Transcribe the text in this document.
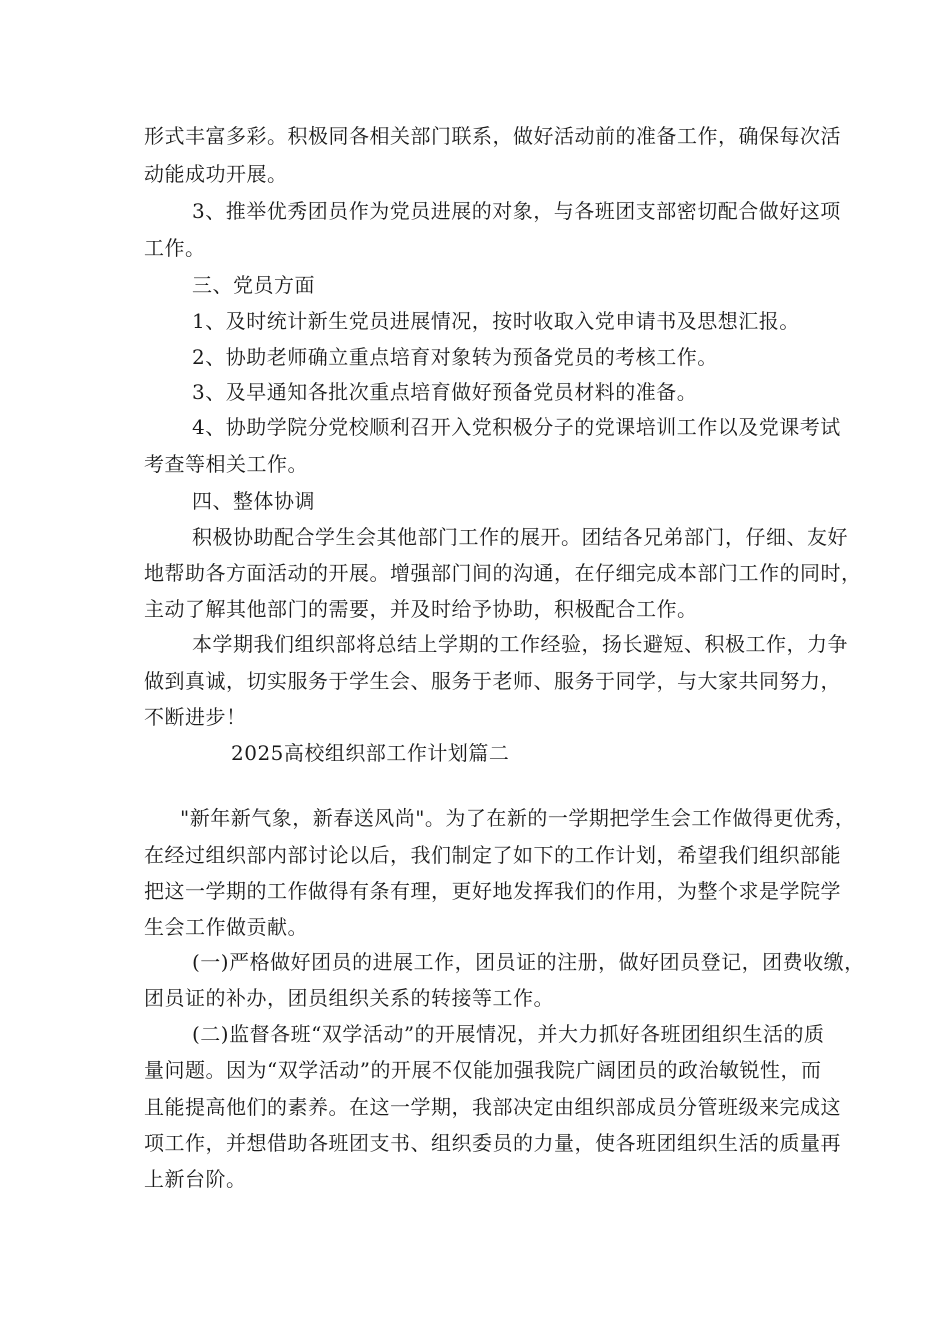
形式丰富多彩。积极同各相关部门联系，做好活动前的准备工作，确保每次活
动能成功开展。
3、推举优秀团员作为党员进展的对象，与各班团支部密切配合做好这项
工作。
三、党员方面
1、及时统计新生党员进展情况，按时收取入党申请书及思想汇报。
2、协助老师确立重点培育对象转为预备党员的考核工作。
3、及早通知各批次重点培育做好预备党员材料的准备。
4、协助学院分党校顺利召开入党积极分子的党课培训工作以及党课考试
考查等相关工作。
四、整体协调
积极协助配合学生会其他部门工作的展开。团结各兄弟部门，仔细、友好
地帮助各方面活动的开展。增强部门间的沟通，在仔细完成本部门工作的同时，
主动了解其他部门的需要，并及时给予协助，积极配合工作。
本学期我们组织部将总结上学期的工作经验，扬长避短、积极工作，力争
做到真诚，切实服务于学生会、服务于老师、服务于同学，与大家共同努力，
不断进步！
2025高校组织部工作计划篇二
"新年新气象，新春送风尚"。为了在新的一学期把学生会工作做得更优秀，
在经过组织部内部讨论以后，我们制定了如下的工作计划，希望我们组织部能
把这一学期的工作做得有条有理，更好地发挥我们的作用，为整个求是学院学
生会工作做贡献。
(一)严格做好团员的进展工作，团员证的注册，做好团员登记，团费收缴，
团员证的补办，团员组织关系的转接等工作。
(二)监督各班“双学活动”的开展情况，并大力抓好各班团组织生活的质
量问题。因为“双学活动”的开展不仅能加强我院广阔团员的政治敏锐性，而
且能提高他们的素养。在这一学期，我部决定由组织部成员分管班级来完成这
项工作，并想借助各班团支书、组织委员的力量，使各班团组织生活的质量再
上新台阶。
